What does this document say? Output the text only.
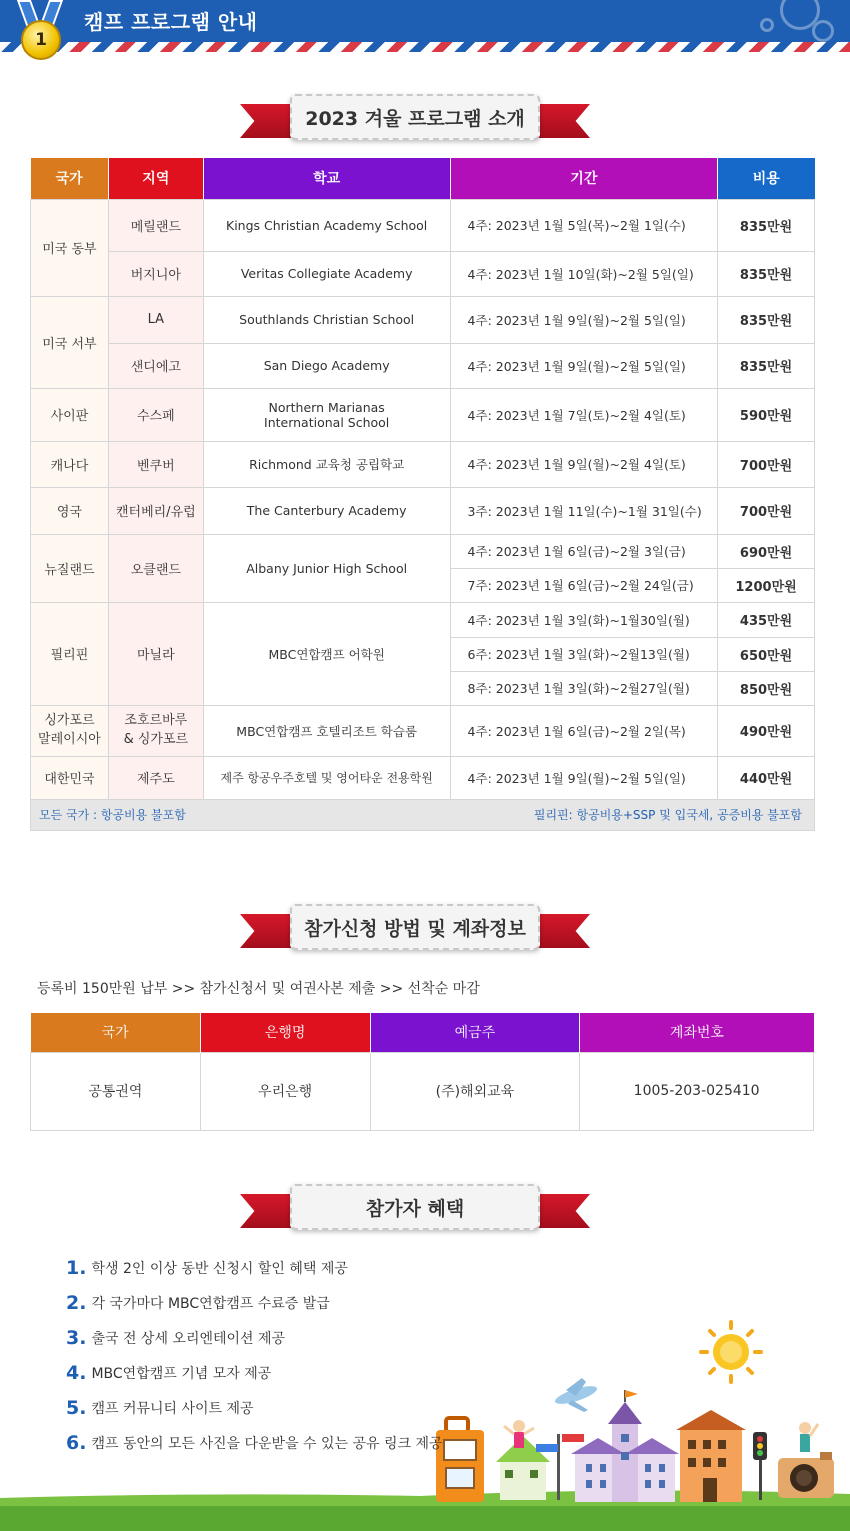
캠프 프로그램 안내
1
2023 겨울 프로그램 소개
국가	지역	학교	기간	비용
미국 동부	메릴랜드	Kings Christian Academy School	4주: 2023년 1월 5일(목)~2월 1일(수)	835만원
	버지니아	Veritas Collegiate Academy	4주: 2023년 1월 10일(화)~2월 5일(일)	835만원
미국 서부	LA	Southlands Christian School	4주: 2023년 1월 9일(월)~2월 5일(일)	835만원
	샌디에고	San Diego Academy	4주: 2023년 1월 9일(월)~2월 5일(일)	835만원
사이판	수스페	Northern Marianas International School	4주: 2023년 1월 7일(토)~2월 4일(토)	590만원
캐나다	벤쿠버	Richmond 교육청 공립학교	4주: 2023년 1월 9일(월)~2월 4일(토)	700만원
영국	캔터베리/유럽	The Canterbury Academy	3주: 2023년 1월 11일(수)~1월 31일(수)	700만원
뉴질랜드	오클랜드	Albany Junior High School	4주: 2023년 1월 6일(금)~2월 3일(금)	690만원
			7주: 2023년 1월 6일(금)~2월 24일(금)	1200만원
필리핀	마닐라	MBC연합캠프 어학원	4주: 2023년 1월 3일(화)~1월30일(월)	435만원
			6주: 2023년 1월 3일(화)~2월13일(월)	650만원
			8주: 2023년 1월 3일(화)~2월27일(월)	850만원
싱가포르 말레이시아	조호르바루 & 싱가포르	MBC연합캠프 호텔리조트 학습룸	4주: 2023년 1월 6일(금)~2월 2일(목)	490만원
대한민국	제주도	제주 항공우주호텔 및 영어타운 전용학원	4주: 2023년 1월 9일(월)~2월 5일(일)	440만원
모든 국가 : 항공비용 불포함			필리핀: 항공비용+SSP 및 입국세, 공증비용 불포함	
참가신청 방법 및 계좌정보
등록비 150만원 납부 >> 참가신청서 및 여권사본 제출 >> 선착순 마감
국가	은행명	예금주	계좌번호
공통권역	우리은행	(주)해외교육	1005-203-025410
참가자 혜택
1. 학생 2인 이상 동반 신청시 할인 혜택 제공
2. 각 국가마다 MBC연합캠프 수료증 발급
3. 출국 전 상세 오리엔테이션 제공
4. MBC연합캠프 기념 모자 제공
5. 캠프 커뮤니티 사이트 제공
6. 캠프 동안의 모든 사진을 다운받을 수 있는 공유 링크 제공
